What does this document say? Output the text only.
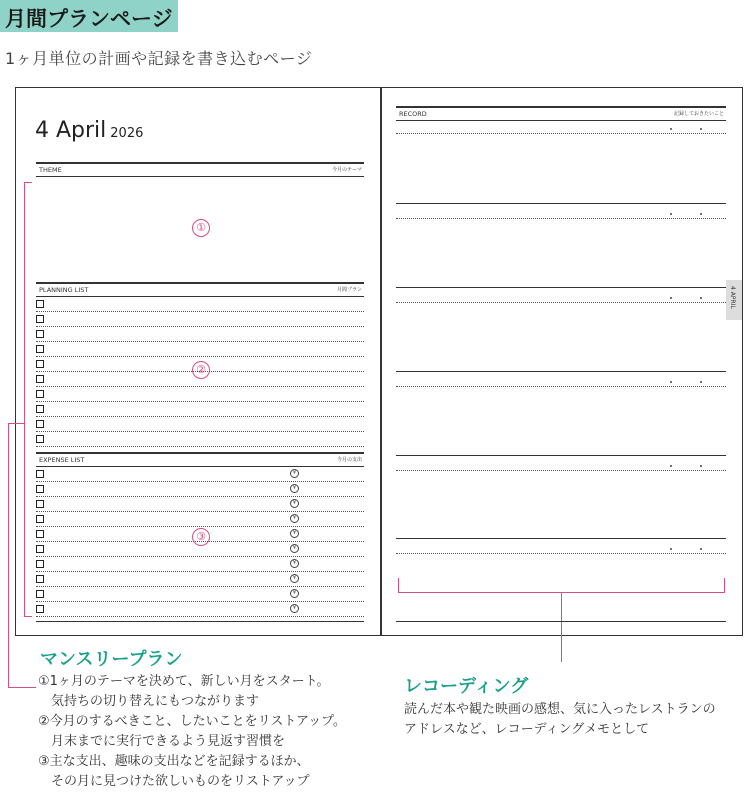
月間プランページ
1ヶ月単位の計画や記録を書き込むページ
4 April 2026
THEME	今月のテーマ
PLANNING LIST	月間プラン
EXPENSE LIST	今月の支出
①
②
③
RECORD	記録しておきたいこと
4 APRIL
マンスリープラン
①1ヶ月のテーマを決めて、新しい月をスタート。
　気持ちの切り替えにもつながります
②今月のするべきこと、したいことをリストアップ。
　月末までに実行できるよう見返す習慣を
③主な支出、趣味の支出などを記録するほか、
　その月に見つけた欲しいものをリストアップ
レコーディング
読んだ本や観た映画の感想、気に入ったレストランの
アドレスなど、レコーディングメモとして
¥
¥
¥
¥
¥
¥
¥
¥
¥
¥
